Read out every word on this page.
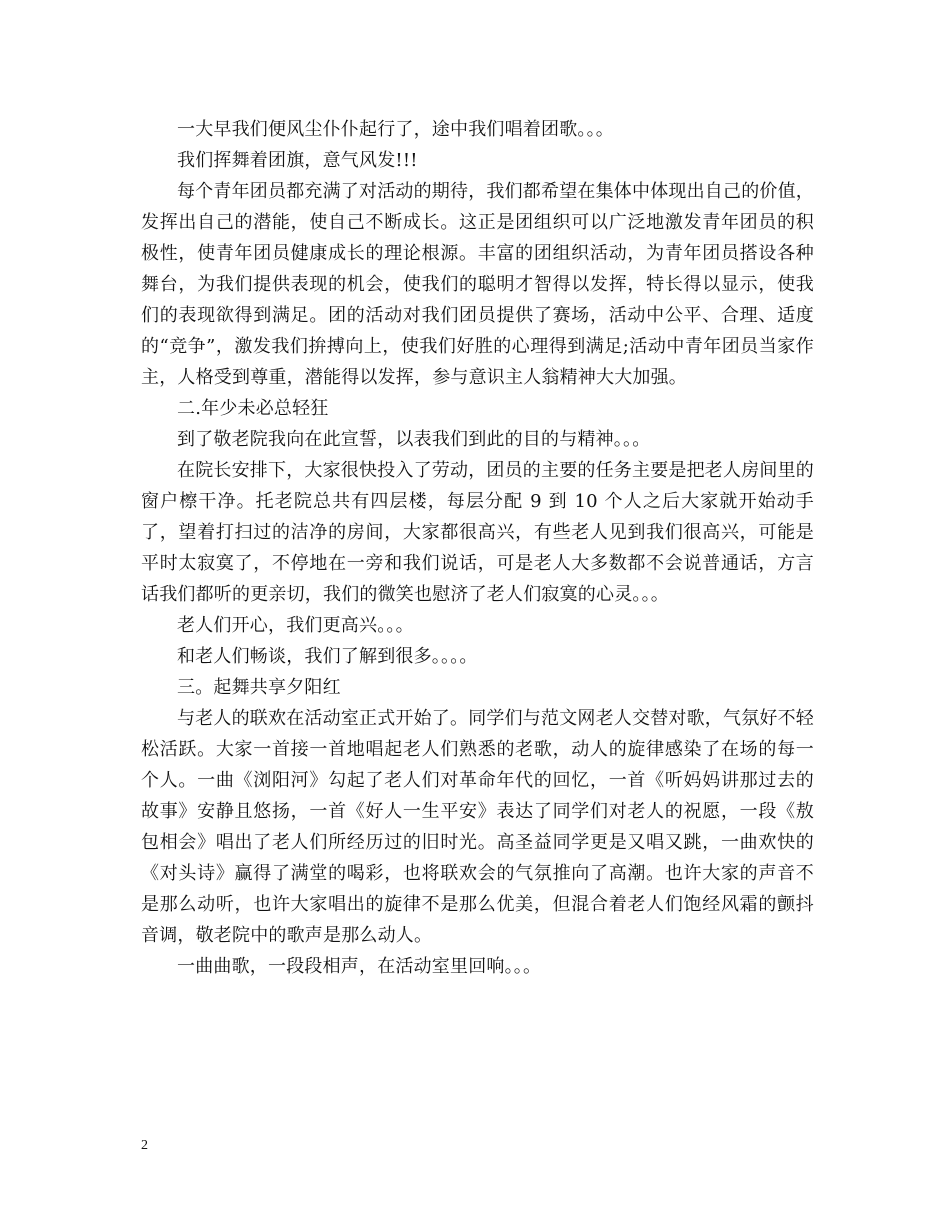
一大早我们便风尘仆仆起行了，途中我们唱着团歌。。。

我们挥舞着团旗，意气风发!!!

每个青年团员都充满了对活动的期待，我们都希望在集体中体现出自己的价值，发挥出自己的潜能，使自己不断成长。这正是团组织可以广泛地激发青年团员的积极性，使青年团员健康成长的理论根源。丰富的团组织活动，为青年团员搭设各种舞台，为我们提供表现的机会，使我们的聪明才智得以发挥，特长得以显示，使我们的表现欲得到满足。团的活动对我们团员提供了赛场，活动中公平、合理、适度的“竞争”，激发我们拚搏向上，使我们好胜的心理得到满足;活动中青年团员当家作主，人格受到尊重，潜能得以发挥，参与意识主人翁精神大大加强。

二.年少未必总轻狂

到了敬老院我向在此宣誓，以表我们到此的目的与精神。。。

在院长安排下，大家很快投入了劳动，团员的主要的任务主要是把老人房间里的窗户檫干净。托老院总共有四层楼，每层分配 9 到 10 个人之后大家就开始动手了，望着打扫过的洁净的房间，大家都很高兴，有些老人见到我们很高兴，可能是平时太寂寞了，不停地在一旁和我们说话，可是老人大多数都不会说普通话，方言话我们都听的更亲切，我们的微笑也慰济了老人们寂寞的心灵。。。

老人们开心，我们更高兴。。。

和老人们畅谈，我们了解到很多。。。。

三。起舞共享夕阳红

与老人的联欢在活动室正式开始了。同学们与范文网老人交替对歌，气氛好不轻松活跃。大家一首接一首地唱起老人们熟悉的老歌，动人的旋律感染了在场的每一个人。一曲《浏阳河》勾起了老人们对革命年代的回忆，一首《听妈妈讲那过去的故事》安静且悠扬，一首《好人一生平安》表达了同学们对老人的祝愿，一段《敖包相会》唱出了老人们所经历过的旧时光。高圣益同学更是又唱又跳，一曲欢快的《对头诗》赢得了满堂的喝彩，也将联欢会的气氛推向了高潮。也许大家的声音不是那么动听，也许大家唱出的旋律不是那么优美，但混合着老人们饱经风霜的颤抖音调，敬老院中的歌声是那么动人。

一曲曲歌，一段段相声，在活动室里回响。。。

2
